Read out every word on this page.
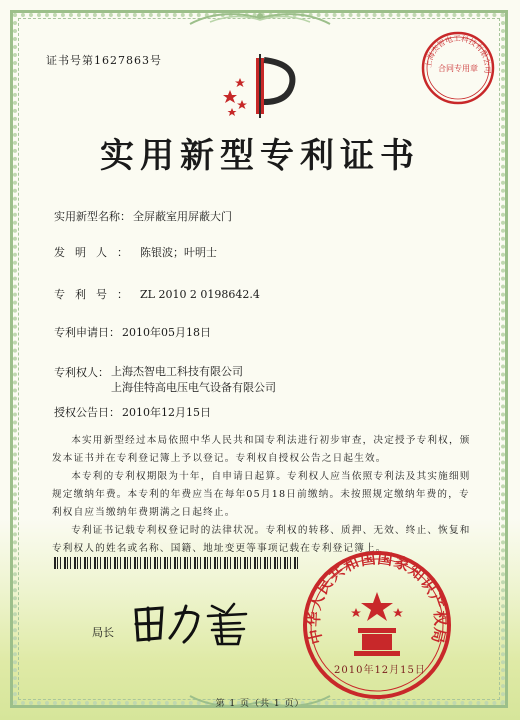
证书号第1627863号	上海杰智电工科技有限公司
合同专用章
实用新型专利证书
实用新型名称： 全屏蔽室用屏蔽大门
发明人： 陈银波；叶明士
专利号： ZL 2010 2 0198642.4
专利申请日： 2010年05月18日
专利权人： 上海杰智电工科技有限公司
上海佳特高电压电气设备有限公司
授权公告日： 2010年12月15日

本实用新型经过本局依照中华人民共和国专利法进行初步审查，决定授予专利权，颁发本证书并在专利登记簿上予以登记。专利权自授权公告之日起生效。

本专利的专利权期限为十年，自申请日起算。专利权人应当依照专利法及其实施细则规定缴纳年费。本专利的年费应当在每年05月18日前缴纳。未按照规定缴纳年费的，专利权自应当缴纳年费期满之日起终止。

专利证书记载专利权登记时的法律状况。专利权的转移、质押、无效、终止、恢复和专利权人的姓名或名称、国籍、地址变更等事项记载在专利登记簿上。

局长	中华人民共和国国家知识产权局
2010年12月15日
第 1 页（共 1 页）
